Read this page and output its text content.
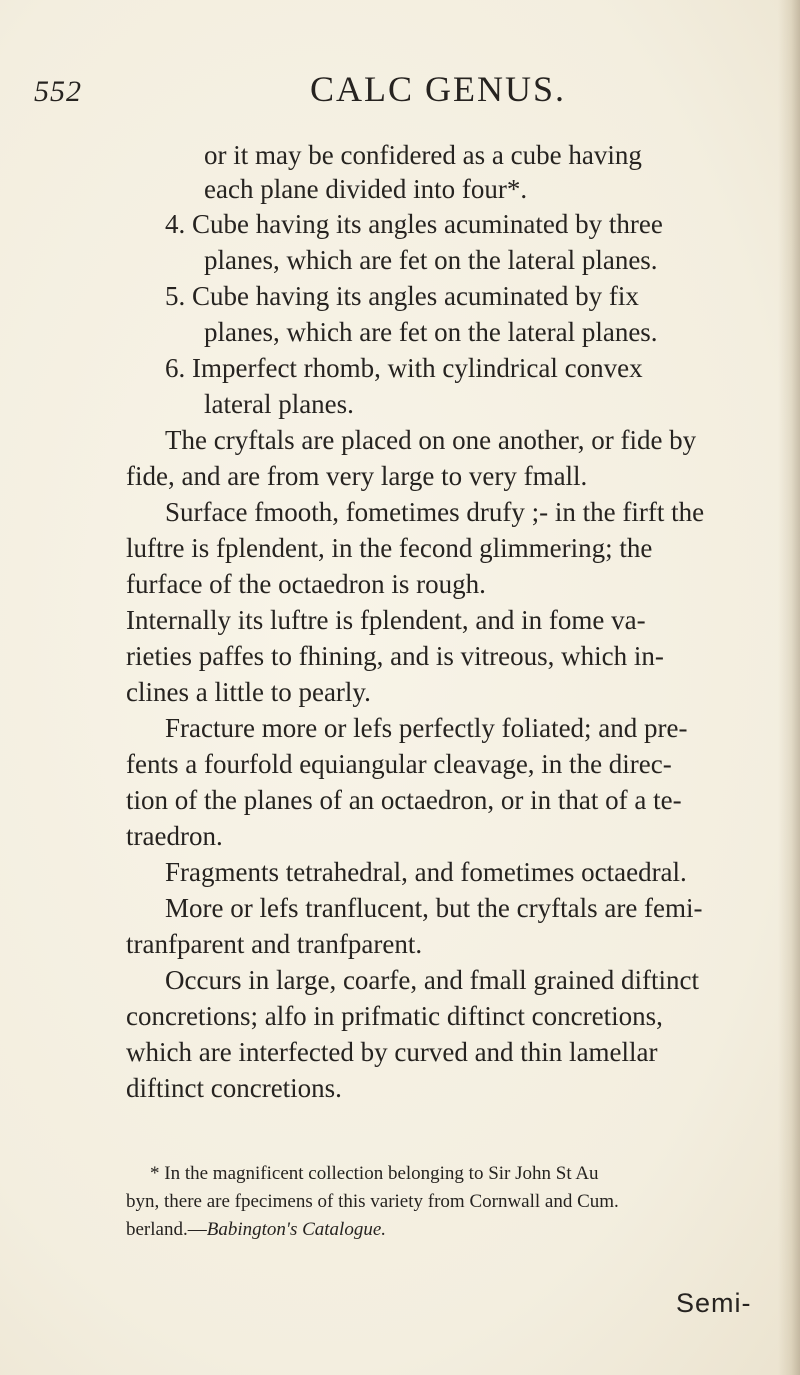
552	CALC GENUS.
or it may be confidered as a cube having
each plane divided into four*.
4. Cube having its angles acuminated by three
planes, which are fet on the lateral planes.
5. Cube having its angles acuminated by fix
planes, which are fet on the lateral planes.
6. Imperfect rhomb, with cylindrical convex
lateral planes.
The cryftals are placed on one another, or fide by
fide, and are from very large to very fmall.
Surface fmooth, fometimes drufy ;- in the firft the
luftre is fplendent, in the fecond glimmering; the
furface of the octaedron is rough.
Internally its luftre is fplendent, and in fome va-
rieties paffes to fhining, and is vitreous, which in-
clines a little to pearly.
Fracture more or lefs perfectly foliated; and pre-
fents a fourfold equiangular cleavage, in the direc-
tion of the planes of an octaedron, or in that of a te-
traedron.
Fragments tetrahedral, and fometimes octaedral.
More or lefs tranflucent, but the cryftals are femi-
tranfparent and tranfparent.
Occurs in large, coarfe, and fmall grained diftinct
concretions; alfo in prifmatic diftinct concretions,
which are interfected by curved and thin lamellar
diftinct concretions.
* In the magnificent collection belonging to Sir John St Au
byn, there are fpecimens of this variety from Cornwall and Cum.
berland.—Babington's Catalogue.
Semi-
